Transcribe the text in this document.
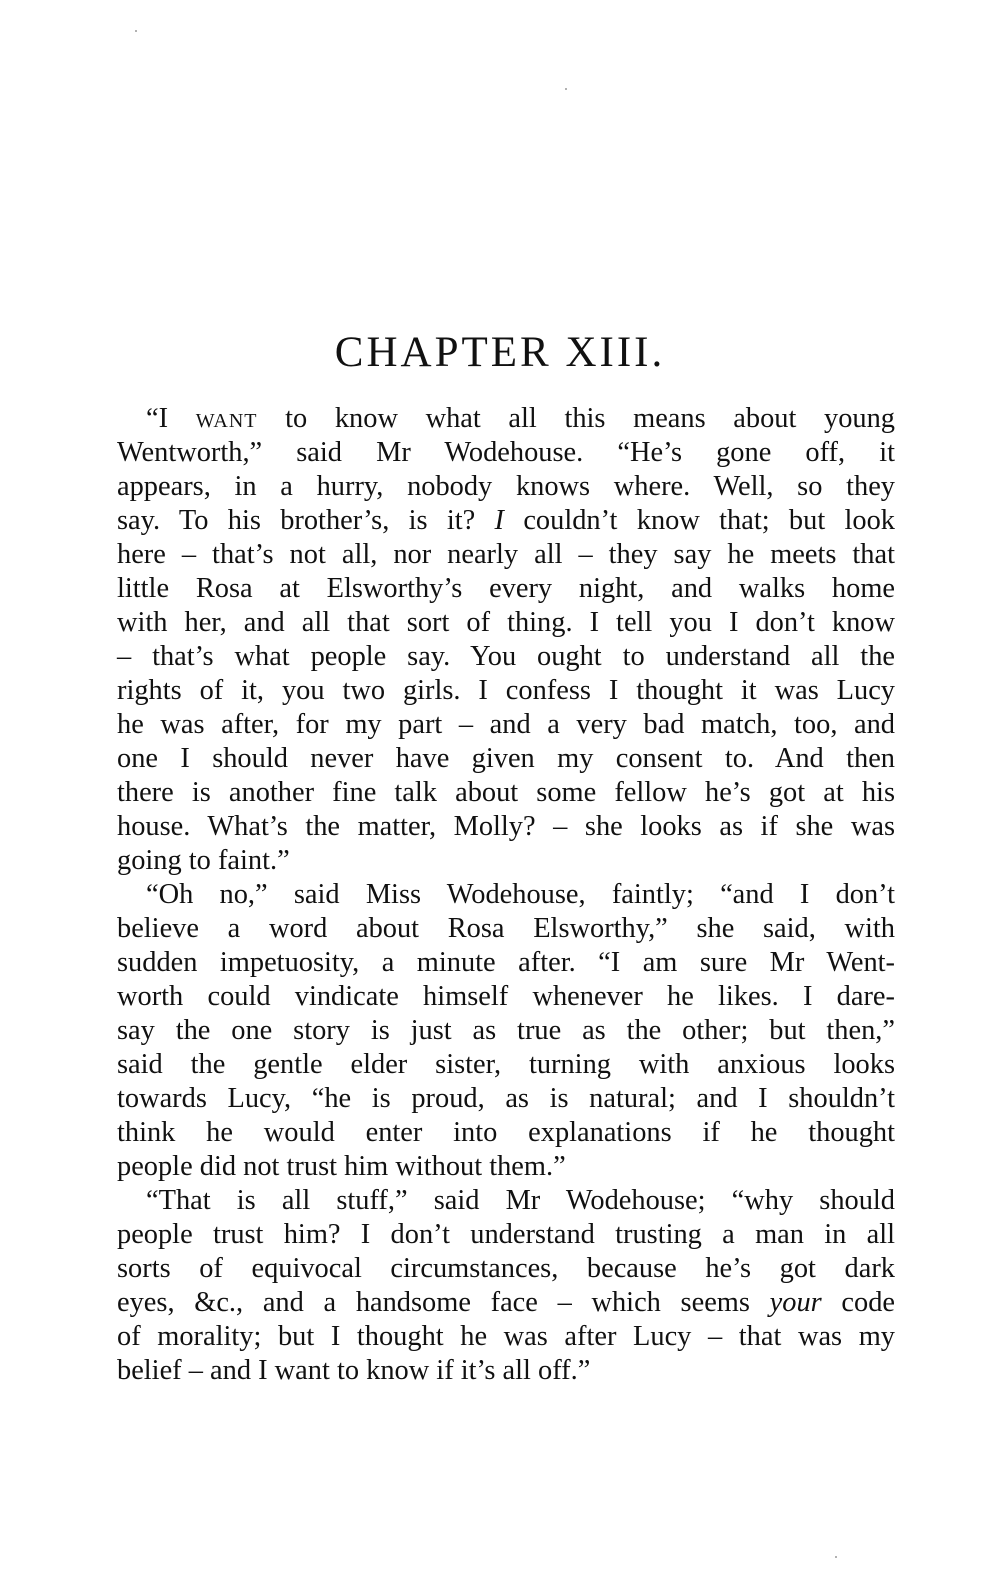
CHAPTER XIII.
“I want to know what all this means about young
Wentworth,” said Mr Wodehouse. “He’s gone off, it
appears, in a hurry, nobody knows where. Well, so they
say. To his brother’s, is it? I couldn’t know that; but look
here – that’s not all, nor nearly all – they say he meets that
little Rosa at Elsworthy’s every night, and walks home
with her, and all that sort of thing. I tell you I don’t know
– that’s what people say. You ought to understand all the
rights of it, you two girls. I confess I thought it was Lucy
he was after, for my part – and a very bad match, too, and
one I should never have given my consent to. And then
there is another fine talk about some fellow he’s got at his
house. What’s the matter, Molly? – she looks as if she was
going to faint.”
“Oh no,” said Miss Wodehouse, faintly; “and I don’t
believe a word about Rosa Elsworthy,” she said, with
sudden impetuosity, a minute after. “I am sure Mr Went-
worth could vindicate himself whenever he likes. I dare-
say the one story is just as true as the other; but then,”
said the gentle elder sister, turning with anxious looks
towards Lucy, “he is proud, as is natural; and I shouldn’t
think he would enter into explanations if he thought
people did not trust him without them.”
“That is all stuff,” said Mr Wodehouse; “why should
people trust him? I don’t understand trusting a man in all
sorts of equivocal circumstances, because he’s got dark
eyes, &c., and a handsome face – which seems your code
of morality; but I thought he was after Lucy – that was my
belief – and I want to know if it’s all off.”
